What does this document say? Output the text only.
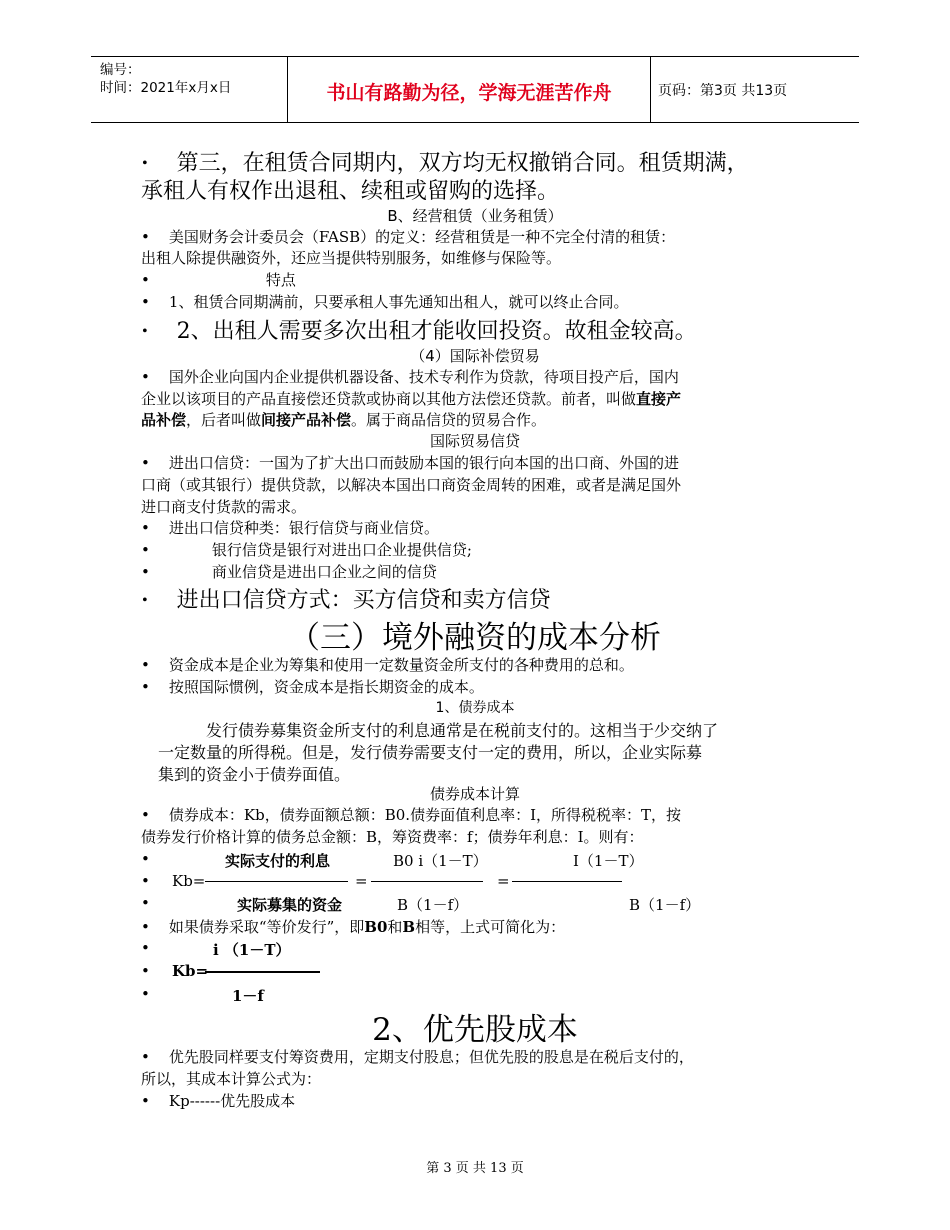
编号：
时间：2021年x月x日	书山有路勤为径，学海无涯苦作舟	页码：第3页 共13页
• 第三，在租赁合同期内，双方均无权撤销合同。租赁期满，
承租人有权作出退租、续租或留购的选择。
B、经营租赁（业务租赁）
•    美国财务会计委员会（FASB）的定义：经营租赁是一种不完全付清的租赁：
出租人除提供融资外，还应当提供特别服务，如维修与保险等。
•	特点
•    1、租赁合同期满前，只要承租人事先通知出租人，就可以终止合同。
• 2、出租人需要多次出租才能收回投资。故租金较高。
（4）国际补偿贸易
•    国外企业向国内企业提供机器设备、技术专利作为贷款，待项目投产后，国内
企业以该项目的产品直接偿还贷款或协商以其他方法偿还贷款。前者，叫做直接产
品补偿，后者叫做间接产品补偿。属于商品信贷的贸易合作。
国际贸易信贷
•    进出口信贷：一国为了扩大出口而鼓励本国的银行向本国的出口商、外国的进
口商（或其银行）提供贷款，以解决本国出口商资金周转的困难，或者是满足国外
进口商支付货款的需求。
•    进出口信贷种类：银行信贷与商业信贷。
•	银行信贷是银行对进出口企业提供信贷;
•	商业信贷是进出口企业之间的信贷
• 进出口信贷方式：买方信贷和卖方信贷
（三）境外融资的成本分析
•    资金成本是企业为筹集和使用一定数量资金所支付的各种费用的总和。
•    按照国际惯例，资金成本是指长期资金的成本。
1、债券成本
发行债券募集资金所支付的利息通常是在税前支付的。这相当于少交纳了
一定数量的所得税。但是，发行债券需要支付一定的费用，所以，企业实际募
集到的资金小于债券面值。
债券成本计算
•    债券成本：Kb，债券面额总额：B0.债券面值利息率：I，所得税税率：T，按
债券发行价格计算的债务总金额：B，筹资费率：f；债券年利息：I。则有：
•	实际支付的利息	B0 i（1－T）	I（1－T）
• Kb=	=	=
•	实际募集的资金	B（1－f）	B（1－f）
•    如果债券采取“等价发行”，即B0和B相等，上式可简化为：
•	i （1－T）
• Kb=
•	1－f
2、优先股成本
•    优先股同样要支付筹资费用，定期支付股息；但优先股的股息是在税后支付的，
所以，其成本计算公式为：
•    Kp------优先股成本
第 3 页 共 13 页
